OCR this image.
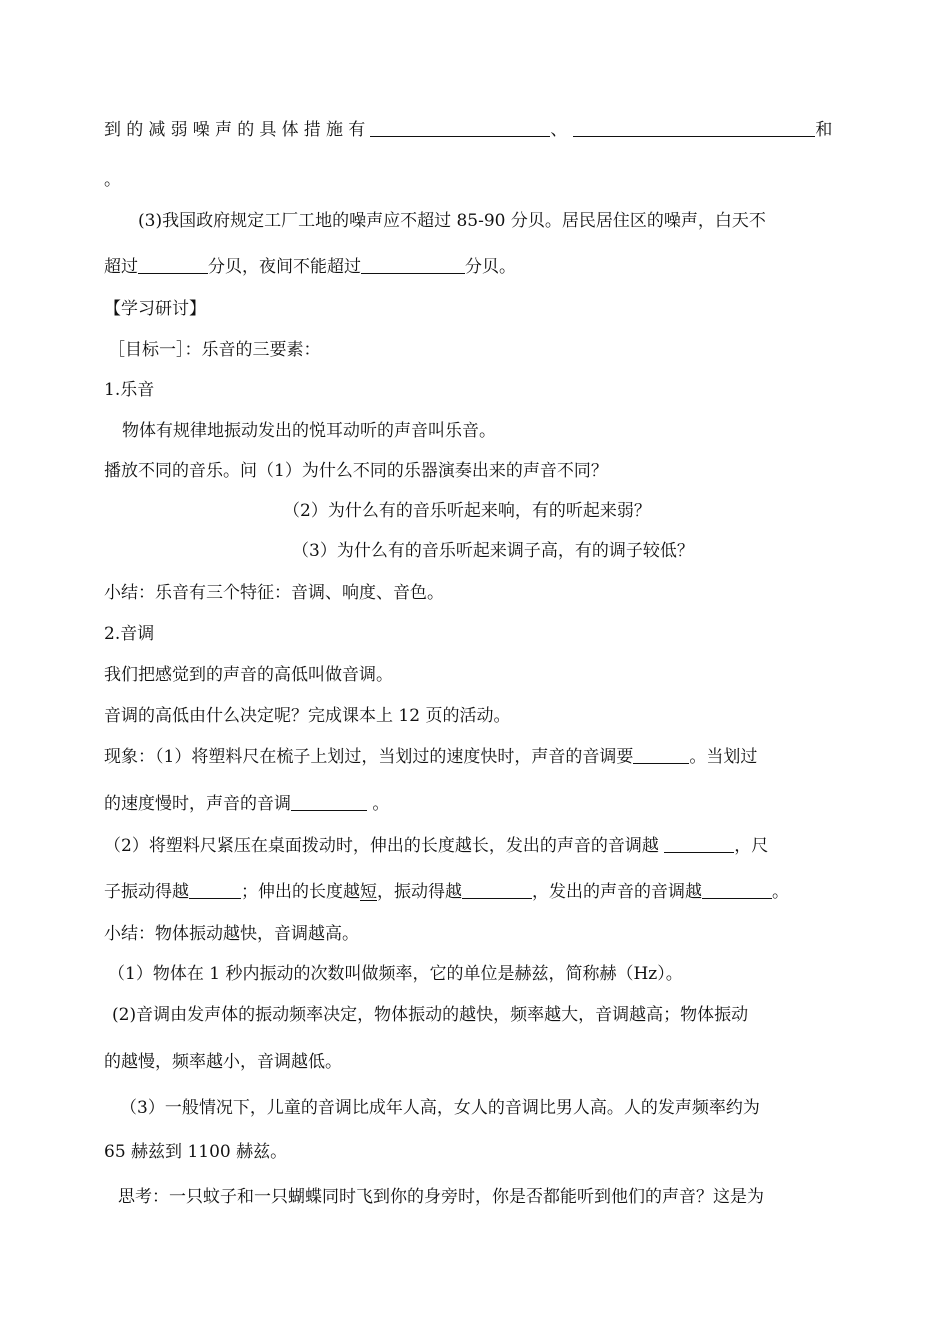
到的减弱噪声的具体措施有	、	和
。
(3)我国政府规定工厂工地的噪声应不超过 85-90 分贝。居民居住区的噪声，白天不
超过	分贝，夜间不能超过	分贝。
【学习研讨】
［目标一］：乐音的三要素：
1.乐音
物体有规律地振动发出的悦耳动听的声音叫乐音。
播放不同的音乐。问（1）为什么不同的乐器演奏出来的声音不同？
（2）为什么有的音乐听起来响，有的听起来弱？
（3）为什么有的音乐听起来调子高，有的调子较低？
小结：乐音有三个特征：音调、响度、音色。
2.音调
我们把感觉到的声音的高低叫做音调。
音调的高低由什么决定呢？完成课本上 12 页的活动。
现象：（1）将塑料尺在梳子上划过，当划过的速度快时，声音的音调要	。当划过
的速度慢时，声音的音调	。
（2）将塑料尺紧压在桌面拨动时，伸出的长度越长，发出的声音的音调越	，尺
子振动得越	；伸出的长度越短，振动得越	，发出的声音的音调越	。
小结：物体振动越快，音调越高。
（1）物体在 1 秒内振动的次数叫做频率，它的单位是赫兹，简称赫（Hz）。
(2)音调由发声体的振动频率决定，物体振动的越快，频率越大，音调越高；物体振动
的越慢，频率越小，音调越低。
（3）一般情况下，儿童的音调比成年人高，女人的音调比男人高。人的发声频率约为
65 赫兹到 1100 赫兹。
思考：一只蚊子和一只蝴蝶同时飞到你的身旁时，你是否都能听到他们的声音？这是为
